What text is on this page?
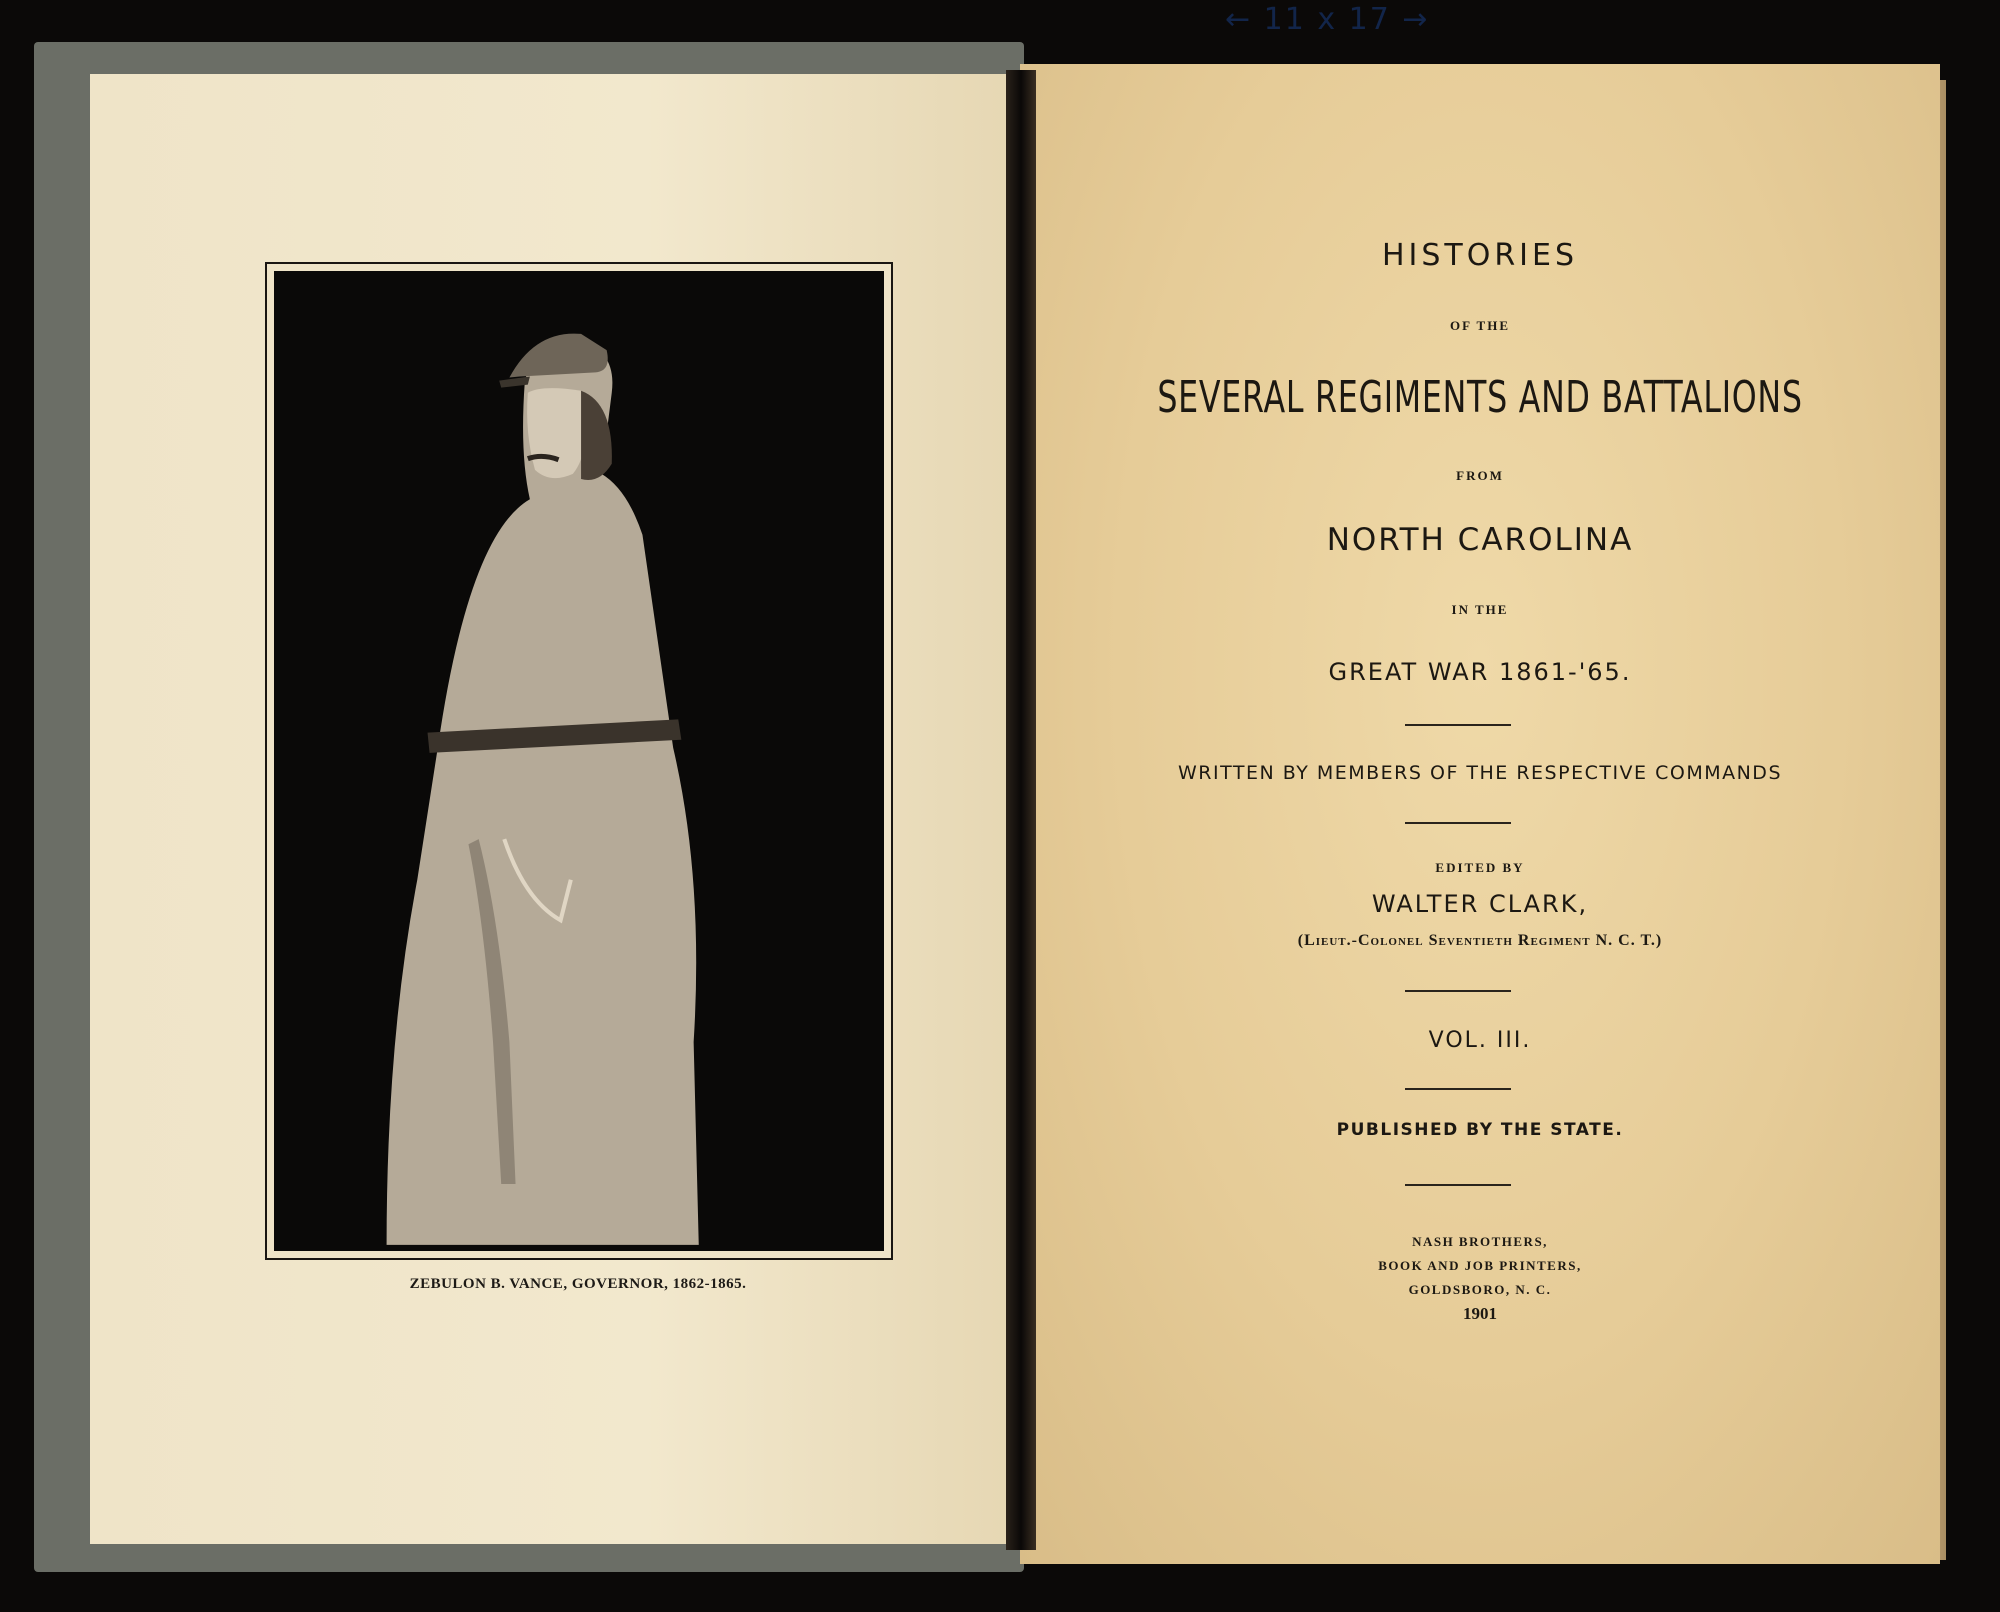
← 11 x 17 →
ZEBULON B. VANCE, GOVERNOR, 1862-1865.
HISTORIES
OF THE
SEVERAL REGIMENTS AND BATTALIONS
FROM
NORTH CAROLINA
IN THE
GREAT WAR 1861-'65.
WRITTEN BY MEMBERS OF THE RESPECTIVE COMMANDS
EDITED BY
WALTER CLARK,
(Lieut.-Colonel Seventieth Regiment N. C. T.)
VOL. III.
PUBLISHED BY THE STATE.
NASH BROTHERS,
BOOK AND JOB PRINTERS,
GOLDSBORO, N. C.
1901
